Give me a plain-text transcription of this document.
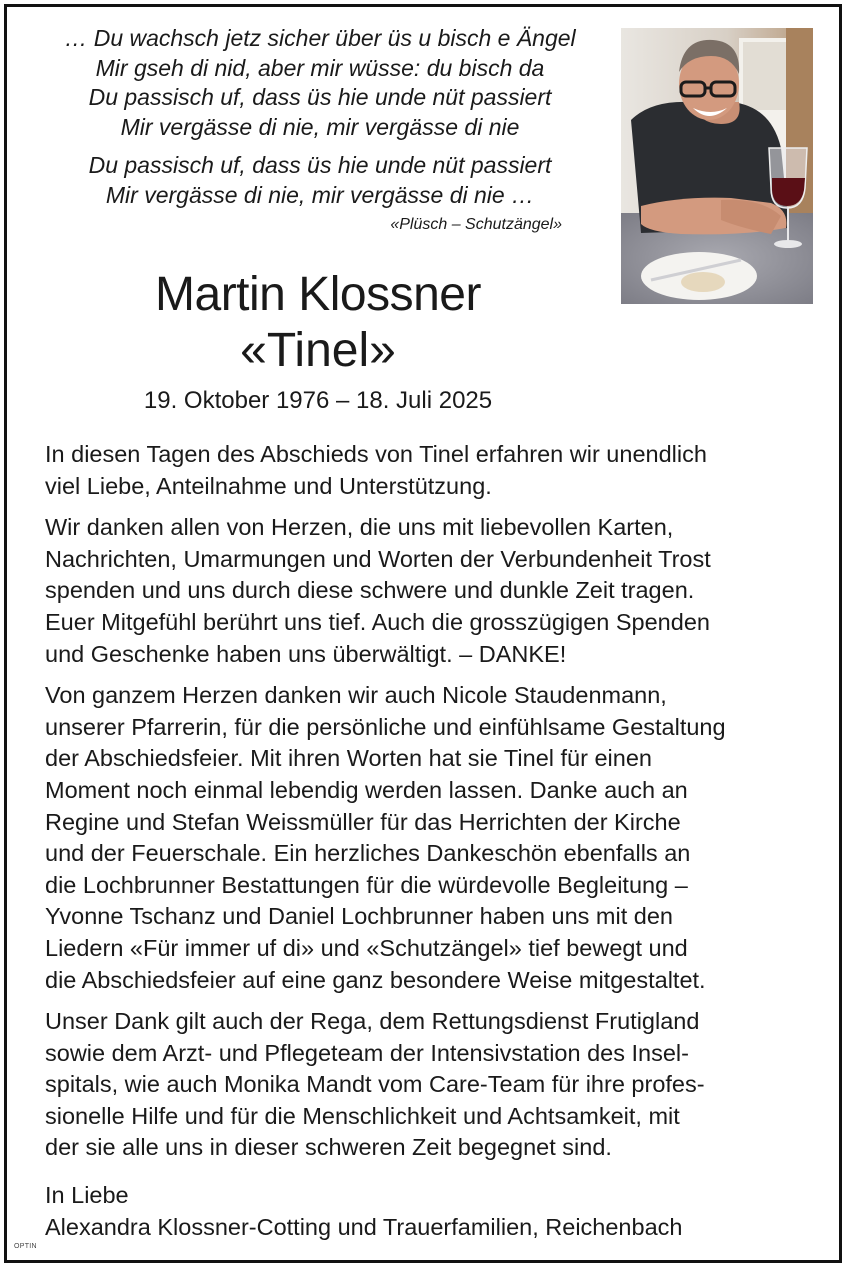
… Du wachsch jetz sicher über üs u bisch e Ängel
Mir gseh di nid, aber mir wüsse: du bisch da
Du passisch uf, dass üs hie unde nüt passiert
Mir vergässe di nie, mir vergässe di nie
Du passisch uf, dass üs hie unde nüt passiert
Mir vergässe di nie, mir vergässe di nie …
«Plüsch – Schutzängel»
Martin Klossner
«Tinel»
19. Oktober 1976 – 18. Juli 2025

In diesen Tagen des Abschieds von Tinel erfahren wir unendlich
viel Liebe, Anteilnahme und Unterstützung.

Wir danken allen von Herzen, die uns mit liebevollen Karten,
Nachrichten, Umarmungen und Worten der Verbundenheit Trost
spenden und uns durch diese schwere und dunkle Zeit tragen.
Euer Mitgefühl berührt uns tief. Auch die grosszügigen Spenden
und Geschenke haben uns überwältigt. – DANKE!

Von ganzem Herzen danken wir auch Nicole Staudenmann,
unserer Pfarrerin, für die persönliche und einfühlsame Gestaltung
der Abschiedsfeier. Mit ihren Worten hat sie Tinel für einen
Moment noch einmal lebendig werden lassen. Danke auch an
Regine und Stefan Weissmüller für das Herrichten der Kirche
und der Feuerschale. Ein herzliches Dankeschön ebenfalls an
die Lochbrunner Bestattungen für die würdevolle Begleitung –
Yvonne Tschanz und Daniel Lochbrunner haben uns mit den
Liedern «Für immer uf di» und «Schutzängel» tief bewegt und
die Abschiedsfeier auf eine ganz besondere Weise mitgestaltet.

Unser Dank gilt auch der Rega, dem Rettungsdienst Frutigland
sowie dem Arzt- und Pflegeteam der Intensivstation des Insel-
spitals, wie auch Monika Mandt vom Care-Team für ihre profes-
sionelle Hilfe und für die Menschlichkeit und Achtsamkeit, mit
der sie alle uns in dieser schweren Zeit begegnet sind.

In Liebe
Alexandra Klossner-Cotting und Trauerfamilien, Reichenbach
OPTIN
